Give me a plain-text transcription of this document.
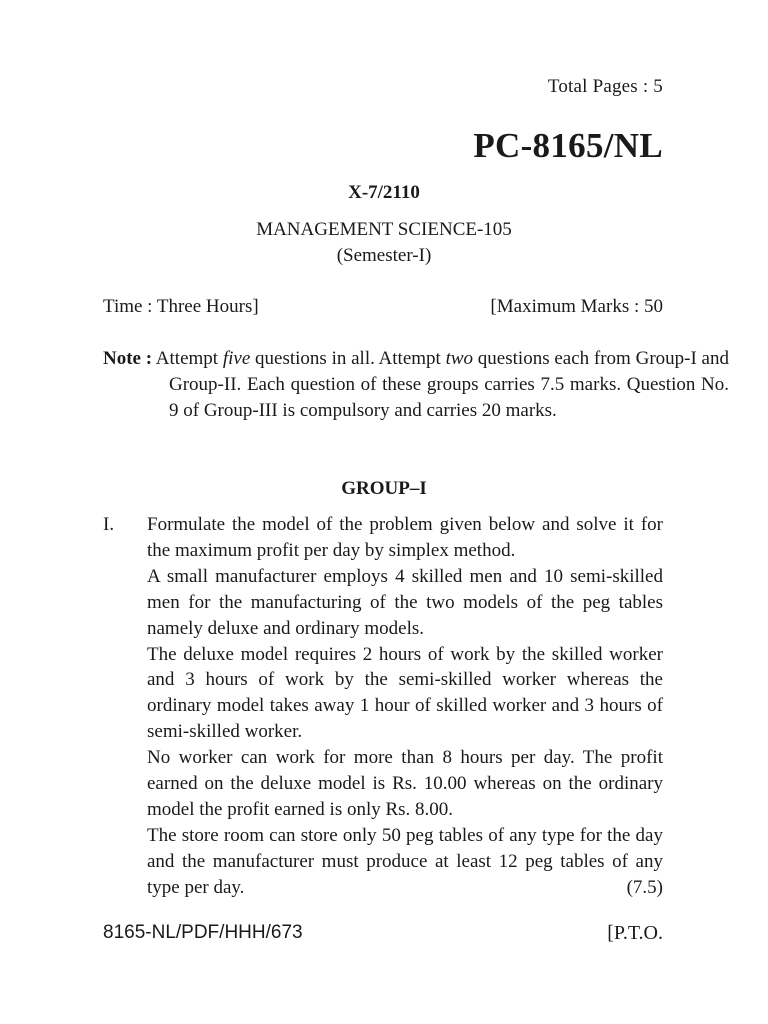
Total Pages : 5
PC-8165/NL
X-7/2110
MANAGEMENT SCIENCE-105
(Semester-I)
Time : Three Hours]	[Maximum Marks : 50
Note : Attempt five questions in all. Attempt two questions each from Group-I and Group-II. Each question of these groups carries 7.5 marks. Question No. 9 of Group-III is compulsory and carries 20 marks.
GROUP–I
I. Formulate the model of the problem given below and solve it for the maximum profit per day by simplex method.

A small manufacturer employs 4 skilled men and 10 semi-skilled men for the manufacturing of the two models of the peg tables namely deluxe and ordinary models.

The deluxe model requires 2 hours of work by the skilled worker and 3 hours of work by the semi-skilled worker whereas the ordinary model takes away 1 hour of skilled worker and 3 hours of semi-skilled worker.

No worker can work for more than 8 hours per day. The profit earned on the deluxe model is Rs. 10.00 whereas on the ordinary model the profit earned is only Rs. 8.00.

The store room can store only 50 peg tables of any type for the day and the manufacturer must produce at least 12 peg tables of any type per day.	(7.5)

8165-NL/PDF/HHH/673	[P.T.O.
